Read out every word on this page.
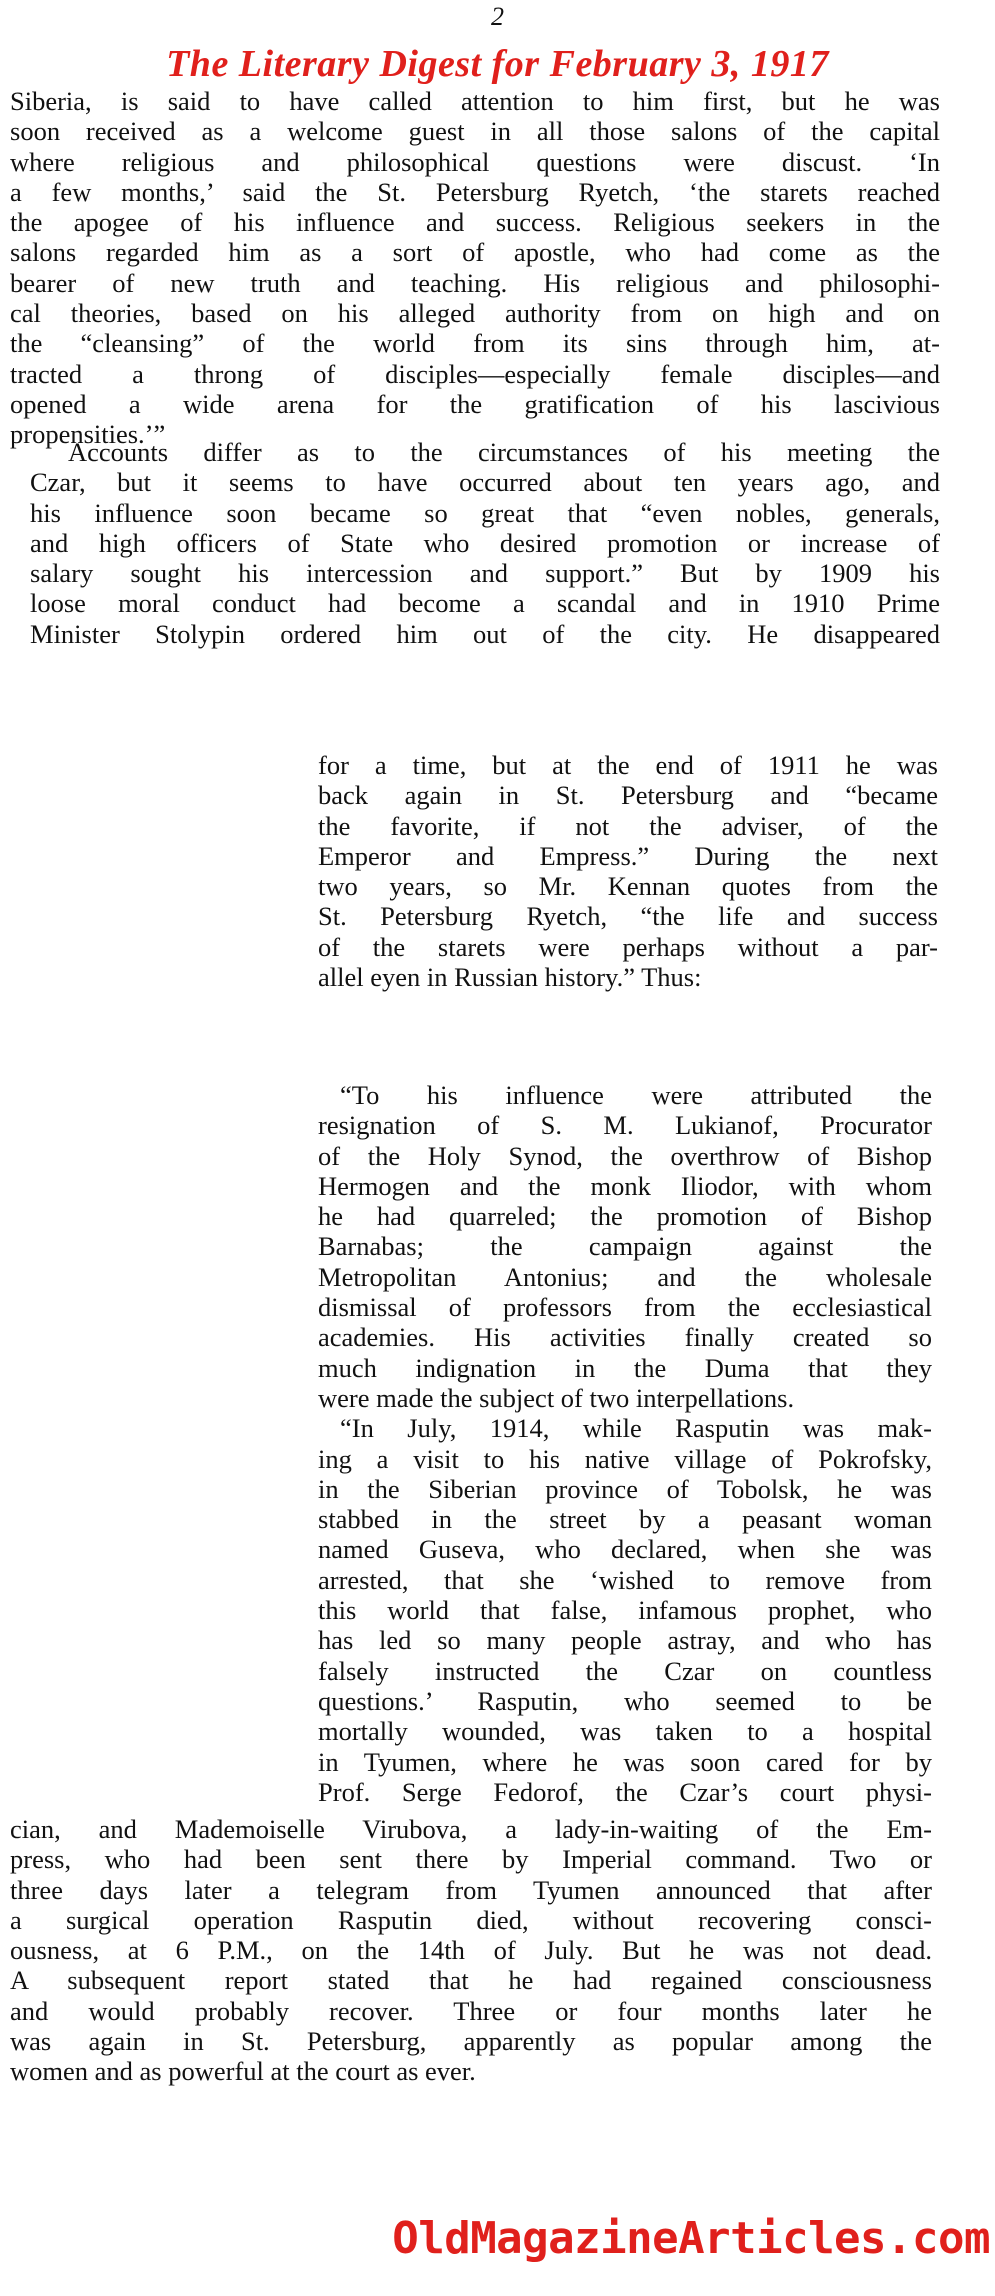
2
The Literary Digest for February 3, 1917
Siberia, is said to have called attention to him first, but he was
soon received as a welcome guest in all those salons of the capital
where religious and philosophical questions were discust. ‘In
a few months,’ said the St. Petersburg Ryetch, ‘the starets reached
the apogee of his influence and success. Religious seekers in the
salons regarded him as a sort of apostle, who had come as the
bearer of new truth and teaching. His religious and philosophi-
cal theories, based on his alleged authority from on high and on
the “cleansing” of the world from its sins through him, at-
tracted a throng of disciples—especially female disciples—and
opened a wide arena for the gratification of his lascivious
propensities.’”
Accounts differ as to the circumstances of his meeting the
Czar, but it seems to have occurred about ten years ago, and
his influence soon became so great that “even nobles, generals,
and high officers of State who desired promotion or increase of
salary sought his intercession and support.” But by 1909 his
loose moral conduct had become a scandal and in 1910 Prime
Minister Stolypin ordered him out of the city. He disappeared
for a time, but at the end of 1911 he was
back again in St. Petersburg and “became
the favorite, if not the adviser, of the
Emperor and Empress.” During the next
two years, so Mr. Kennan quotes from the
St. Petersburg Ryetch, “the life and success
of the starets were perhaps without a par-
allel eyen in Russian history.” Thus:
“To his influence were attributed the
resignation of S. M. Lukianof, Procurator
of the Holy Synod, the overthrow of Bishop
Hermogen and the monk Iliodor, with whom
he had quarreled; the promotion of Bishop
Barnabas; the campaign against the
Metropolitan Antonius; and the wholesale
dismissal of professors from the ecclesiastical
academies. His activities finally created so
much indignation in the Duma that they
were made the subject of two interpellations.
“In July, 1914, while Rasputin was mak-
ing a visit to his native village of Pokrofsky,
in the Siberian province of Tobolsk, he was
stabbed in the street by a peasant woman
named Guseva, who declared, when she was
arrested, that she ‘wished to remove from
this world that false, infamous prophet, who
has led so many people astray, and who has
falsely instructed the Czar on countless
questions.’ Rasputin, who seemed to be
mortally wounded, was taken to a hospital
in Tyumen, where he was soon cared for by
Prof. Serge Fedorof, the Czar’s court physi-
cian, and Mademoiselle Virubova, a lady-in-waiting of the Em-
press, who had been sent there by Imperial command. Two or
three days later a telegram from Tyumen announced that after
a surgical operation Rasputin died, without recovering consci-
ousness, at 6 P.M., on the 14th of July. But he was not dead.
A subsequent report stated that he had regained consciousness
and would probably recover. Three or four months later he
was again in St. Petersburg, apparently as popular among the
women and as powerful at the court as ever.
OldMagazineArticles.com
